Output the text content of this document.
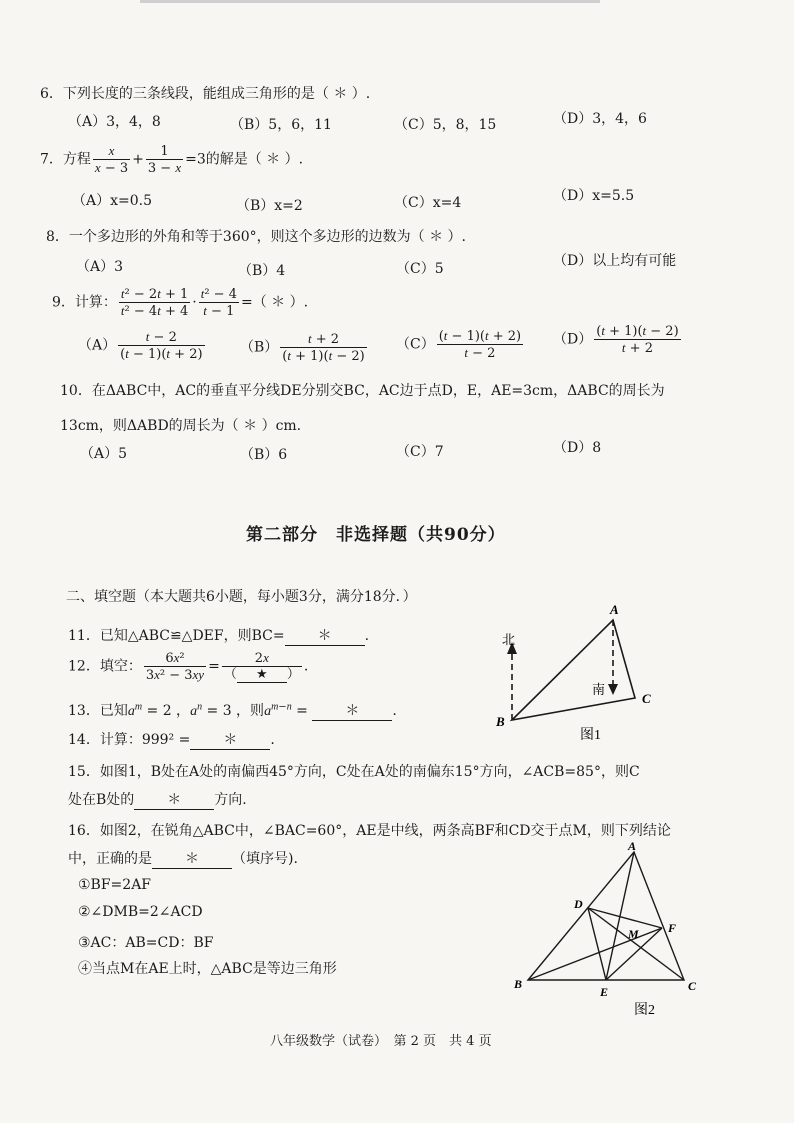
6．下列长度的三条线段，能组成三角形的是（ ＊ ）.
（A）3，4，8	（B）5，6，11	（C）5，8，15	（D）3，4，6
7．方程 $\frac{x}{x - 3} + \frac{1}{3 - x} =3$的解是（ ＊ ）.
（A）x=0.5	（B）x=2	（C）x=4	（D）x=5.5
8．一个多边形的外角和等于360°，则这个多边形的边数为（ ＊ ）.
（A）3	（B）4	（C）5	（D）以上均有可能
9．计算： $\frac{\text{t² − 2t + 1}}{\text{t² − 4t + 4}} \cdot \frac{\text{t² − 4}}{t - 1}$ =（ ＊ ）.
$(A) \frac{t - 2}{(t - 1)(t + 2)}$	$(B) \frac{t + 2}{(t + 1)(t - 2)} (C) \frac{(t - 1)(t + 2)}{t - 2} (D) \frac{(t + 1)(t - 2)}{t + 2}$
10．在ΔABC中，AC的垂直平分线DE分别交BC，AC边于点D，E，AE=3cm，ΔABC的周长为
13cm，则ΔABD的周长为（ ＊ ）cm.
（A）5	（B）6	（C）7	（D）8
第二部分　非选择题（共90分）
二、填空题（本大题共6小题，每小题3分，满分18分．）
11．已知△ABC≌△DEF，则BC= ＊ .
12．填空： $\frac{\text{6x²}}{\text{3x² − 3xy}} = \frac{2x}{( ★ )}$ .
13．已知$a^m = 2$ ，$a^n = 3$ ，则$a^{m-n}$ = ＊ .
14．计算：999² = ＊ .
15．如图1，B处在A处的南偏西45°方向，C处在A处的南偏东15°方向，∠ACB=85°，则C
处在B处的 ＊ 方向.
16．如图2，在锐角△ABC中，∠BAC=60°，AE是中线，两条高BF和CD交于点M，则下列结论
中，正确的是 ＊ （填序号).
①BF=2AF
②∠DMB=2∠ACD
③AC：AB=CD：BF
④当点M在AE上时，△ABC是等边三角形
北
南
A
B
C
图1
A
B	C
D
E
F
M
图2
八年级数学（试卷）　第 2 页　共 4 页
